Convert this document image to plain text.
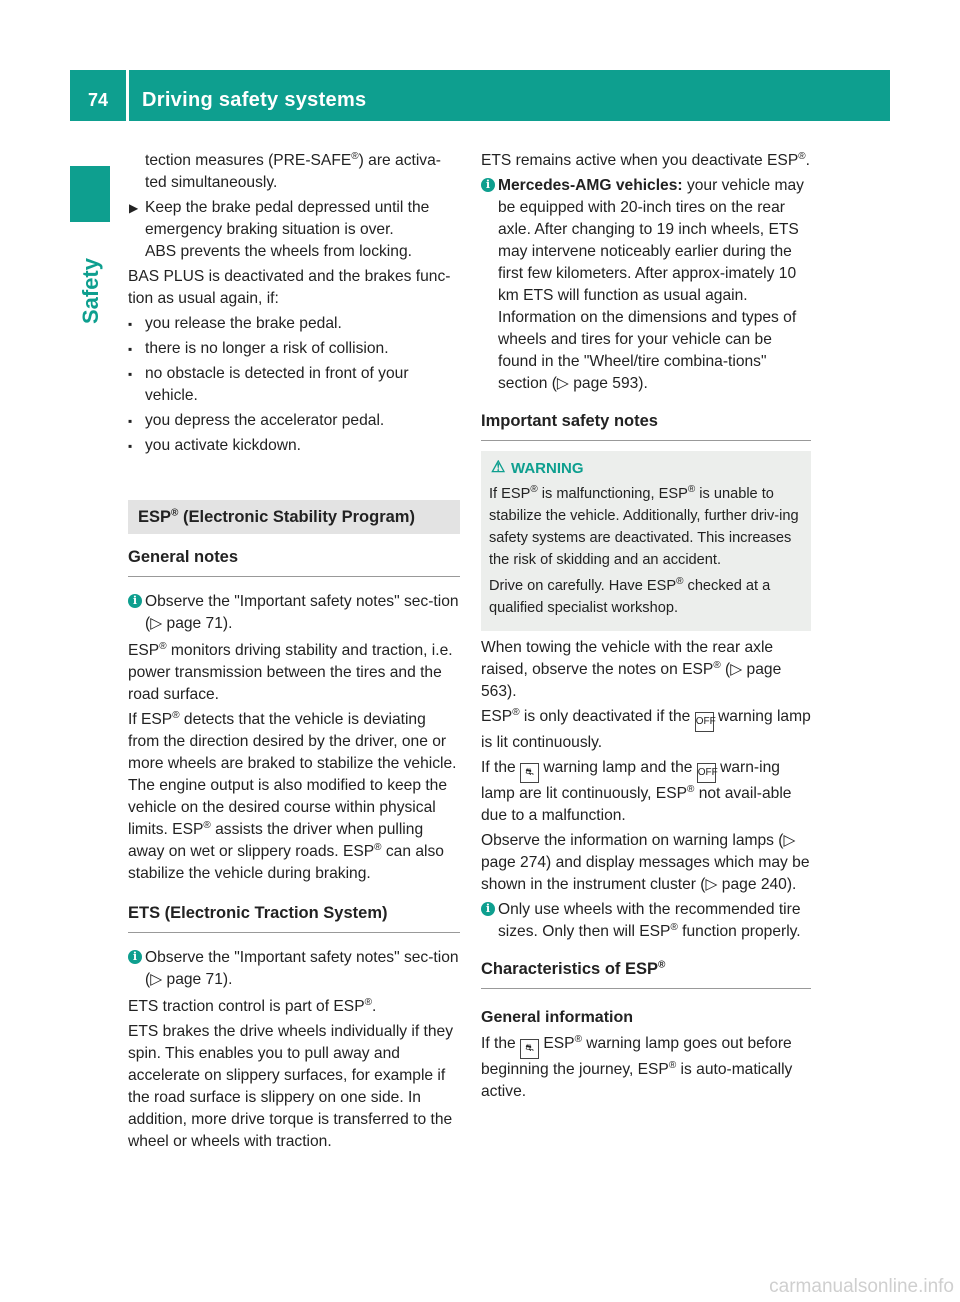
74	Driving safety systems
Safety

tection measures (PRE-SAFE®) are activa-ted simultaneously.

▶ Keep the brake pedal depressed until the emergency braking situation is over.
ABS prevents the wheels from locking.

BAS PLUS is deactivated and the brakes func-tion as usual again, if:

▪ you release the brake pedal.
▪ there is no longer a risk of collision.
▪ no obstacle is detected in front of your vehicle.
▪ you depress the accelerator pedal.
▪ you activate kickdown.
ESP® (Electronic Stability Program)
General notes
i Observe the "Important safety notes" sec-tion (▷ page 71).

ESP® monitors driving stability and traction, i.e. power transmission between the tires and the road surface.

If ESP® detects that the vehicle is deviating from the direction desired by the driver, one or more wheels are braked to stabilize the vehicle. The engine output is also modified to keep the vehicle on the desired course within physical limits. ESP® assists the driver when pulling away on wet or slippery roads. ESP® can also stabilize the vehicle during braking.

ETS (Electronic Traction System)
i Observe the "Important safety notes" sec-tion (▷ page 71).

ETS traction control is part of ESP®.

ETS brakes the drive wheels individually if they spin. This enables you to pull away and accelerate on slippery surfaces, for example if the road surface is slippery on one side. In addition, more drive torque is transferred to the wheel or wheels with traction.

ETS remains active when you deactivate ESP®.

i Mercedes-AMG vehicles: your vehicle may be equipped with 20-inch tires on the rear axle. After changing to 19 inch wheels, ETS may intervene noticeably earlier during the first few kilometers. After approx-imately 10 km ETS will function as usual again. Information on the dimensions and types of wheels and tires for your vehicle can be found in the "Wheel/tire combina-tions" section (▷ page 593).
Important safety notes
⚠ WARNING

If ESP® is malfunctioning, ESP® is unable to stabilize the vehicle. Additionally, further driv-ing safety systems are deactivated. This increases the risk of skidding and an accident.

Drive on carefully. Have ESP® checked at a qualified specialist workshop.

When towing the vehicle with the rear axle raised, observe the notes on ESP® (▷ page 563).

ESP® is only deactivated if the OFF warning lamp is lit continuously.

If the ⛐ warning lamp and the OFF warn-ing lamp are lit continuously, ESP® not avail-able due to a malfunction.

Observe the information on warning lamps (▷ page 274) and display messages which may be shown in the instrument cluster (▷ page 240).

i Only use wheels with the recommended tire sizes. Only then will ESP® function properly.
Characteristics of ESP®
General information

If the ⛐ ESP® warning lamp goes out before beginning the journey, ESP® is auto-matically active.

carmanualsonline.info
